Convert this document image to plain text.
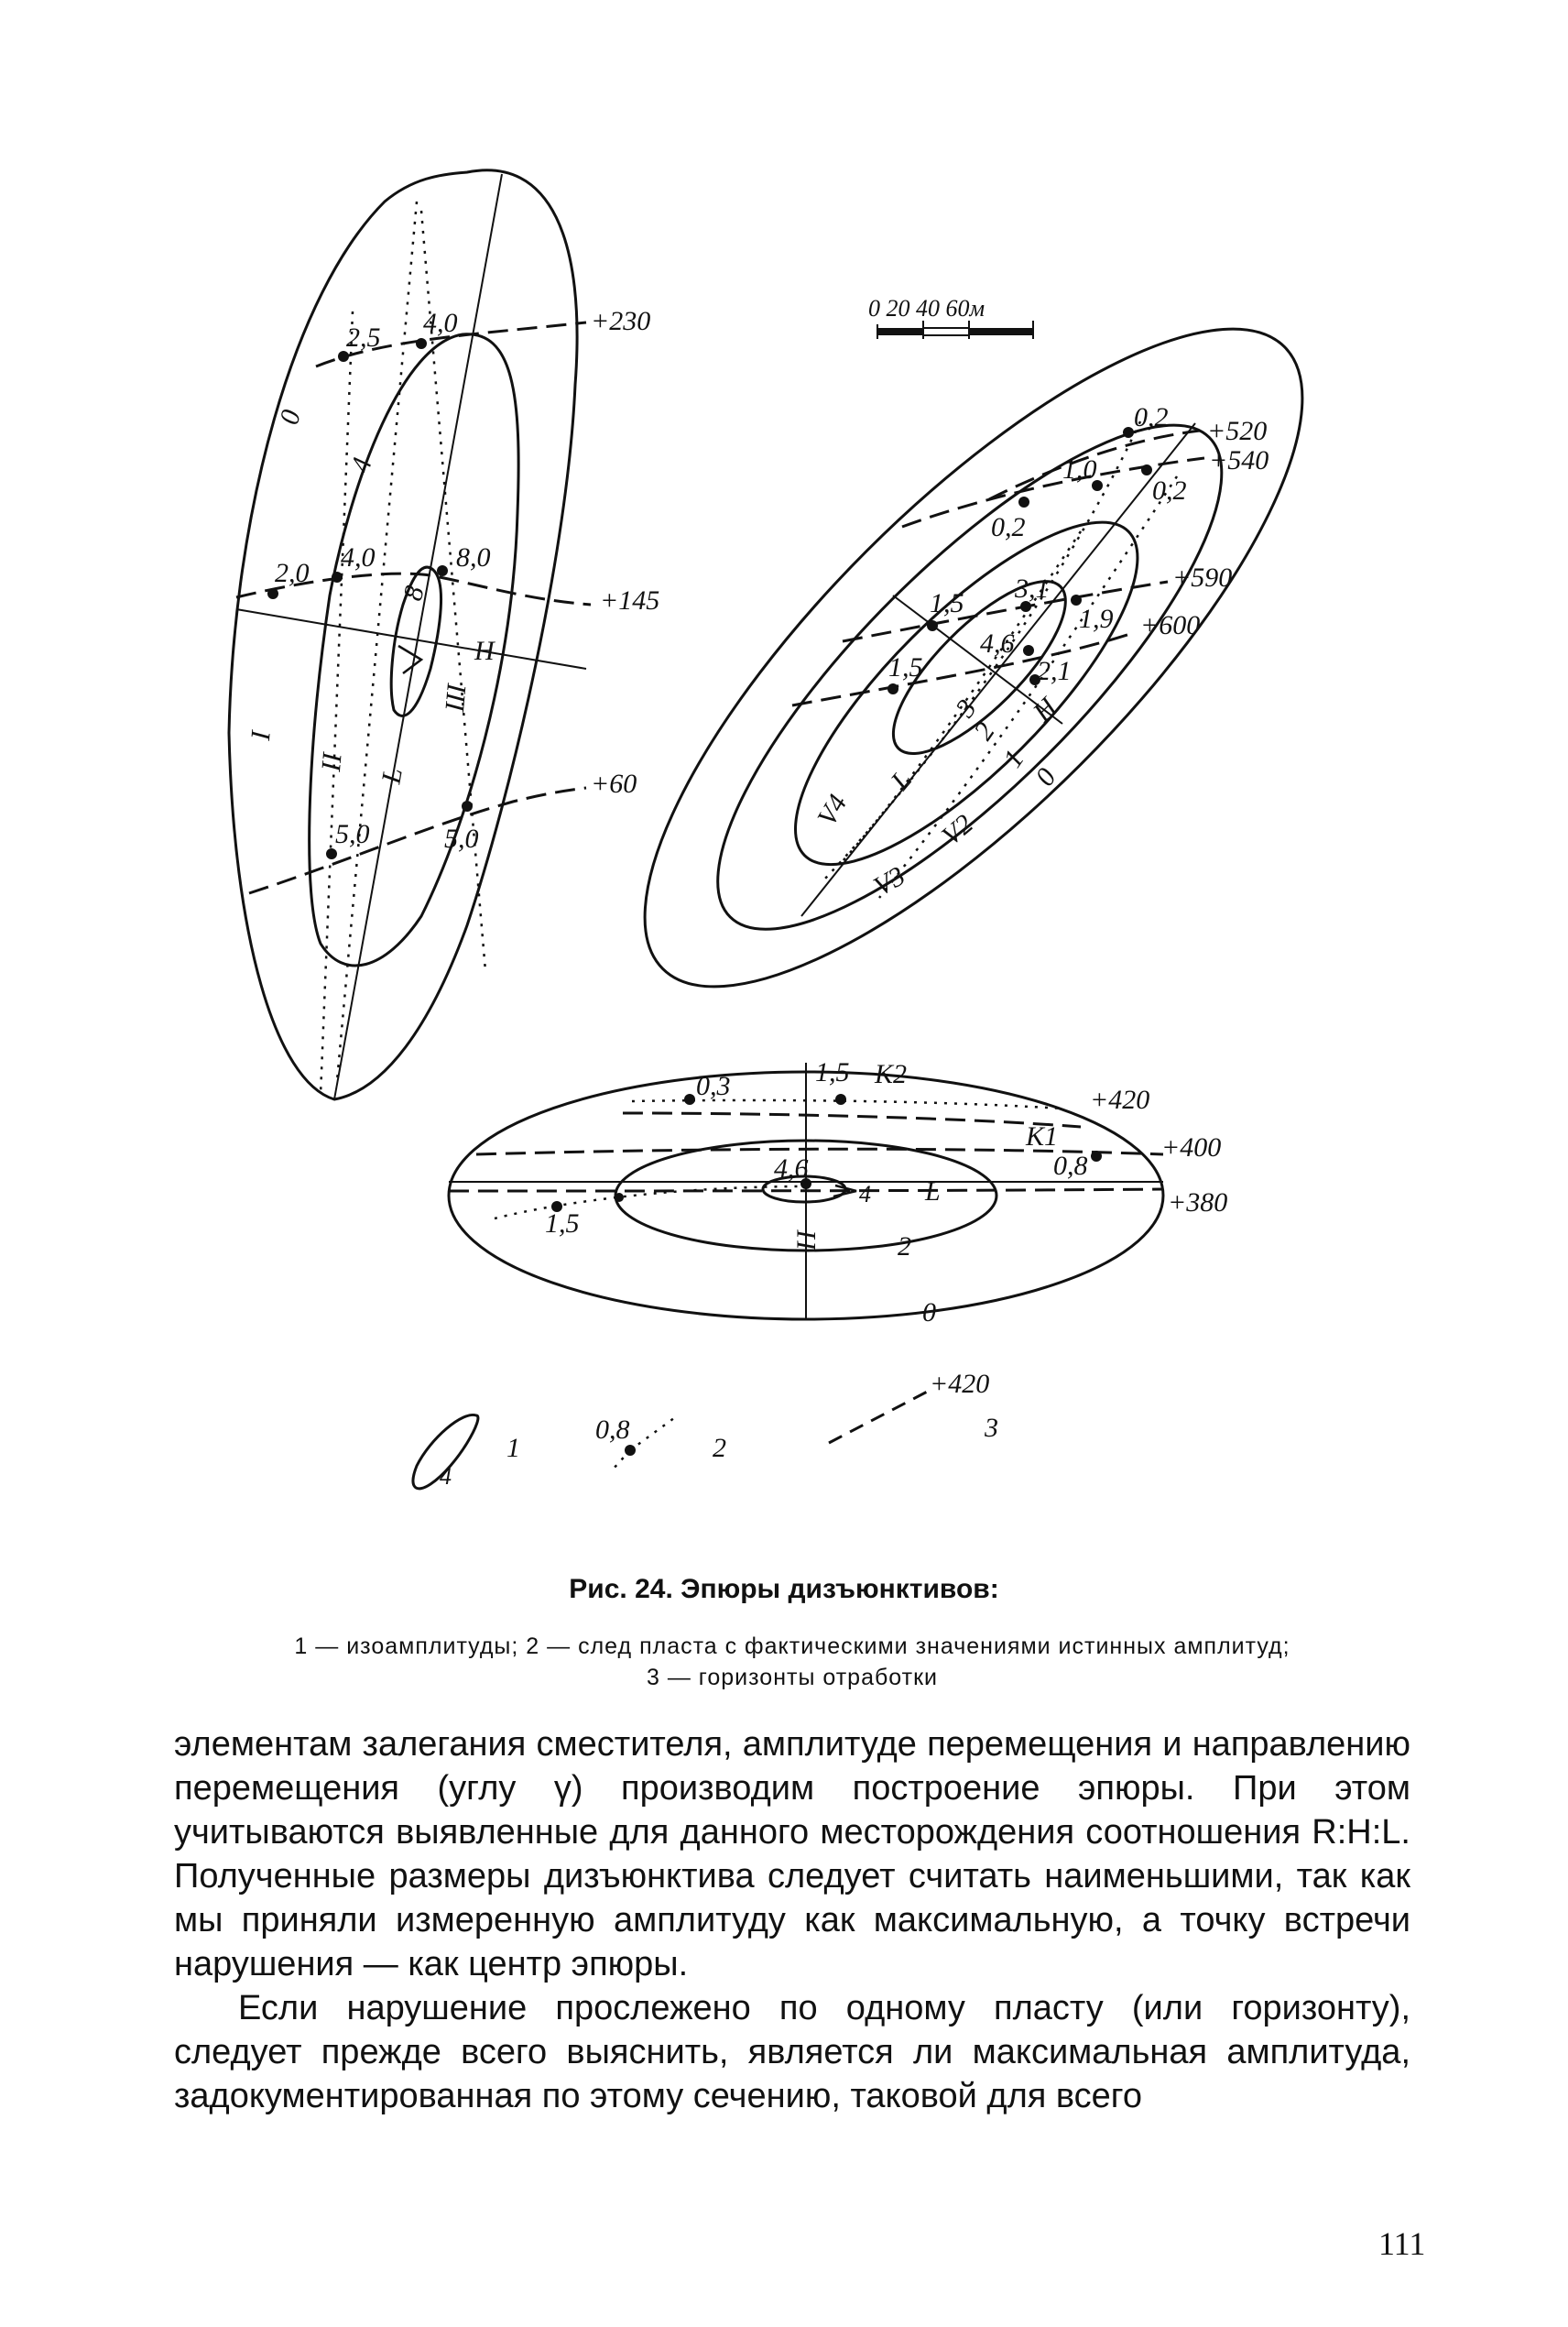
+230
+145
+60
2,5 4,0
2,0
4,0	8,0
5,0	5,0
0
4
8
I
II
III
H
L
0 20 40 60м
+520
+540
+590
+600
0,2
1,0
0,2
0,2
1,5 3,1
1,9
4,6
1,5	2,1
0
1
2
3
V2
V3
V4
H
L
+420
+400
+380
0,3	1,5
0,8
4,6
1,5
2
0
4
K2
K1
L
H
4
1
0,8
2
+420
3
Рис. 24. Эпюры дизъюнктивов:
1 — изоамплитуды; 2 — след пласта с фактическими значениями истинных амплитуд;
3 — горизонты отработки

элементам залегания сместителя, амплитуде перемещения и направлению перемещения (углу γ) производим построение эпюры. При этом учитываются выявленные для данного месторождения соотношения R:H:L. Полученные размеры дизъюнктива следует считать наименьшими, так как мы приняли измеренную амплитуду как максимальную, а точку встречи нарушения — как центр эпюры.

Если нарушение прослежено по одному пласту (или горизонту), следует прежде всего выяснить, является ли максимальная амплитуда, задокументированная по этому сечению, таковой для всего

111
